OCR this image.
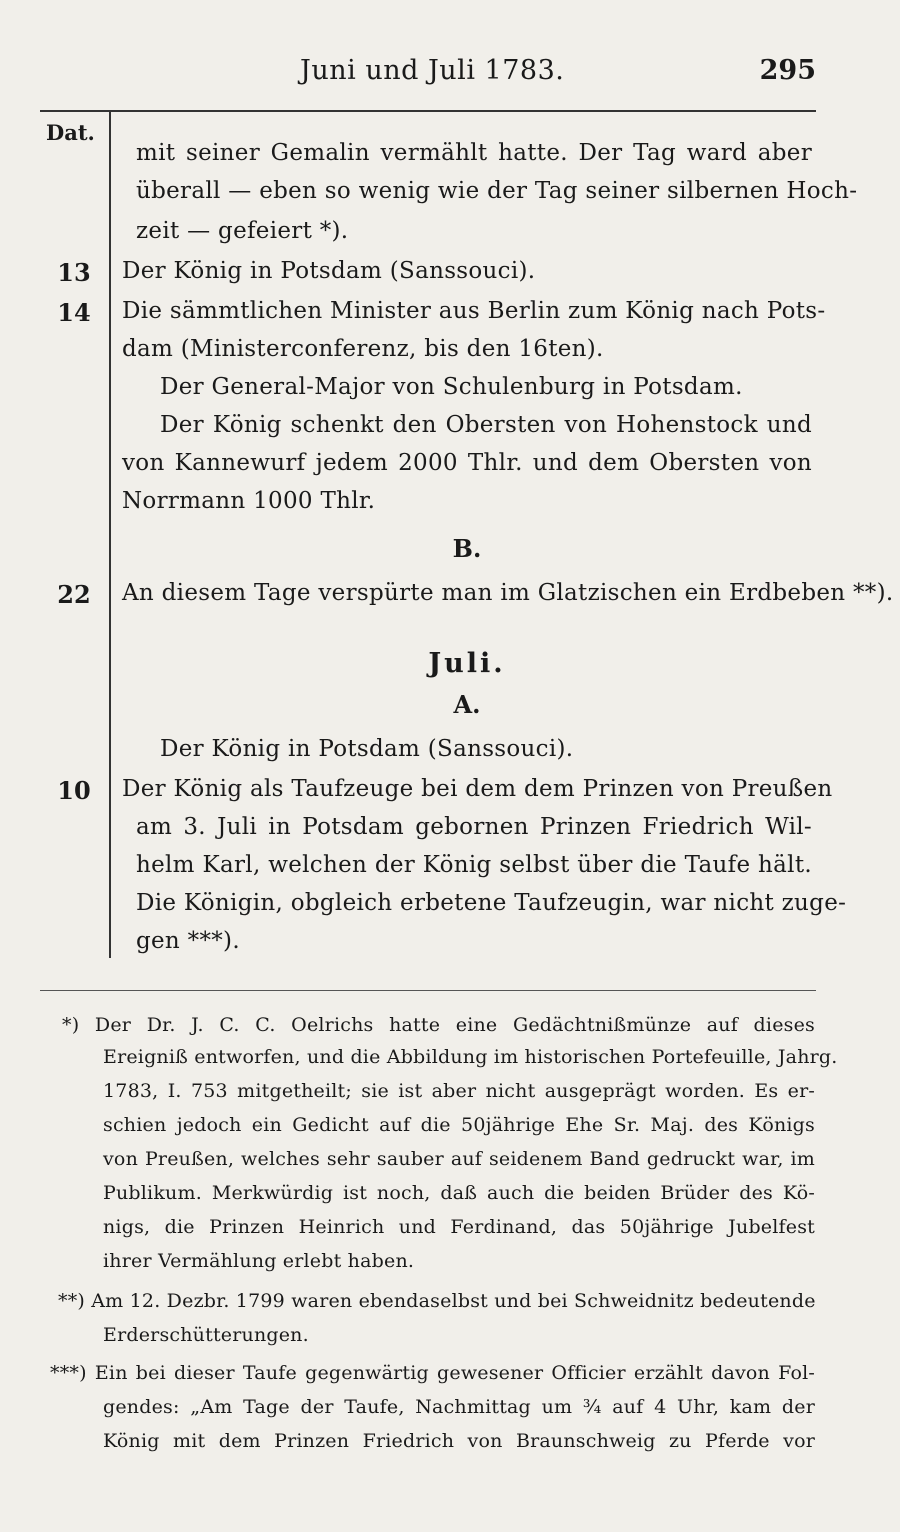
Juni und Juli 1783.	295
Dat.
13
14
22
10
mit seiner Gemalin vermählt hatte. Der Tag ward aber
überall — eben so wenig wie der Tag seiner silbernen Hoch-
zeit — gefeiert *).
Der König in Potsdam (Sanssouci).
Die sämmtlichen Minister aus Berlin zum König nach Pots-
dam (Ministerconferenz, bis den 16ten).
Der General-Major von Schulenburg in Potsdam.
Der König schenkt den Obersten von Hohenstock und
von Kannewurf jedem 2000 Thlr. und dem Obersten von
Norrmann 1000 Thlr.
B.
An diesem Tage verspürte man im Glatzischen ein Erdbeben **).
Juli.
A.
Der König in Potsdam (Sanssouci).
Der König als Taufzeuge bei dem dem Prinzen von Preußen
am 3. Juli in Potsdam gebornen Prinzen Friedrich Wil-
helm Karl, welchen der König selbst über die Taufe hält.
Die Königin, obgleich erbetene Taufzeugin, war nicht zuge-
gen ***).
*) Der Dr. J. C. C. Oelrichs hatte eine Gedächtnißmünze auf dieses
Ereigniß entworfen, und die Abbildung im historischen Portefeuille, Jahrg.
1783, I. 753 mitgetheilt; sie ist aber nicht ausgeprägt worden. Es er-
schien jedoch ein Gedicht auf die 50jährige Ehe Sr. Maj. des Königs
von Preußen, welches sehr sauber auf seidenem Band gedruckt war, im
Publikum. Merkwürdig ist noch, daß auch die beiden Brüder des Kö-
nigs, die Prinzen Heinrich und Ferdinand, das 50jährige Jubelfest
ihrer Vermählung erlebt haben.
**) Am 12. Dezbr. 1799 waren ebendaselbst und bei Schweidnitz bedeutende
Erderschütterungen.
***) Ein bei dieser Taufe gegenwärtig gewesener Officier erzählt davon Fol-
gendes: „Am Tage der Taufe, Nachmittag um ¾ auf 4 Uhr, kam der
König mit dem Prinzen Friedrich von Braunschweig zu Pferde vor
